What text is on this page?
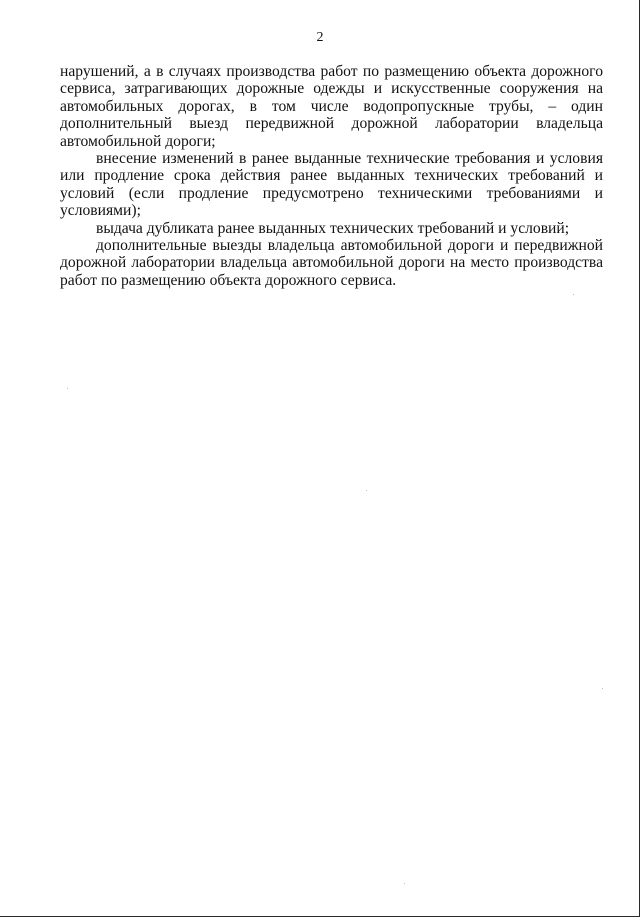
2

нарушений, а в случаях производства работ по размещению объекта дорожного сервиса, затрагивающих дорожные одежды и искусственные сооружения на автомобильных дорогах, в том числе водопропускные трубы, – один дополнительный выезд передвижной дорожной лаборатории владельца автомобильной дороги;

внесение изменений в ранее выданные технические требования и условия или продление срока действия ранее выданных технических требований и условий (если продление предусмотрено техническими требованиями и условиями);

выдача дубликата ранее выданных технических требований и условий;

дополнительные выезды владельца автомобильной дороги и передвижной дорожной лаборатории владельца автомобильной дороги на место производства работ по размещению объекта дорожного сервиса.
